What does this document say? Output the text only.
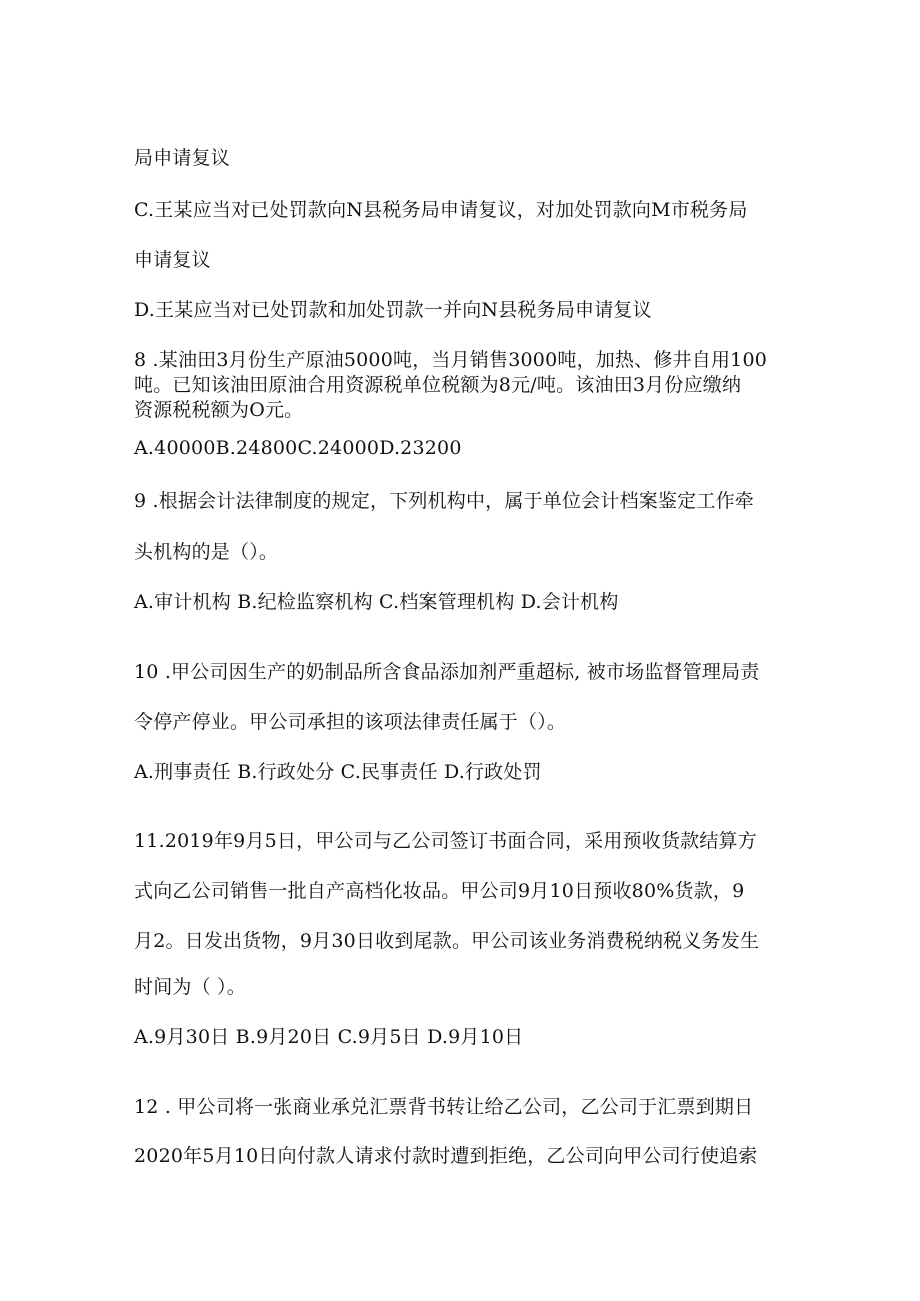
局申请复议
C.王某应当对已处罚款向N县税务局申请复议，对加处罚款向M市税务局
申请复议
D.王某应当对已处罚款和加处罚款一并向N县税务局申请复议
8 .某油田3月份生产原油5000吨，当月销售3000吨，加热、修井自用100
吨。已知该油田原油合用资源税单位税额为8元/吨。该油田3月份应缴纳
资源税税额为O元。
A.40000B.24800C.24000D.23200
9 .根据会计法律制度的规定，下列机构中，属于单位会计档案鉴定工作牵
头机构的是（）。
A.审计机构 B.纪检监察机构 C.档案管理机构 D.会计机构
10 .甲公司因生产的奶制品所含食品添加剂严重超标, 被市场监督管理局责
令停产停业。甲公司承担的该项法律责任属于（）。
A.刑事责任 B.行政处分 C.民事责任 D.行政处罚
11.2019年9月5日，甲公司与乙公司签订书面合同，采用预收货款结算方
式向乙公司销售一批自产高档化妆品。甲公司9月10日预收80%货款，9
月2。日发出货物，9月30日收到尾款。甲公司该业务消费税纳税义务发生
时间为（ ）。
A.9月30日 B.9月20日 C.9月5日 D.9月10日
12 . 甲公司将一张商业承兑汇票背书转让给乙公司，乙公司于汇票到期日
2020年5月10日向付款人请求付款时遭到拒绝，乙公司向甲公司行使追索
